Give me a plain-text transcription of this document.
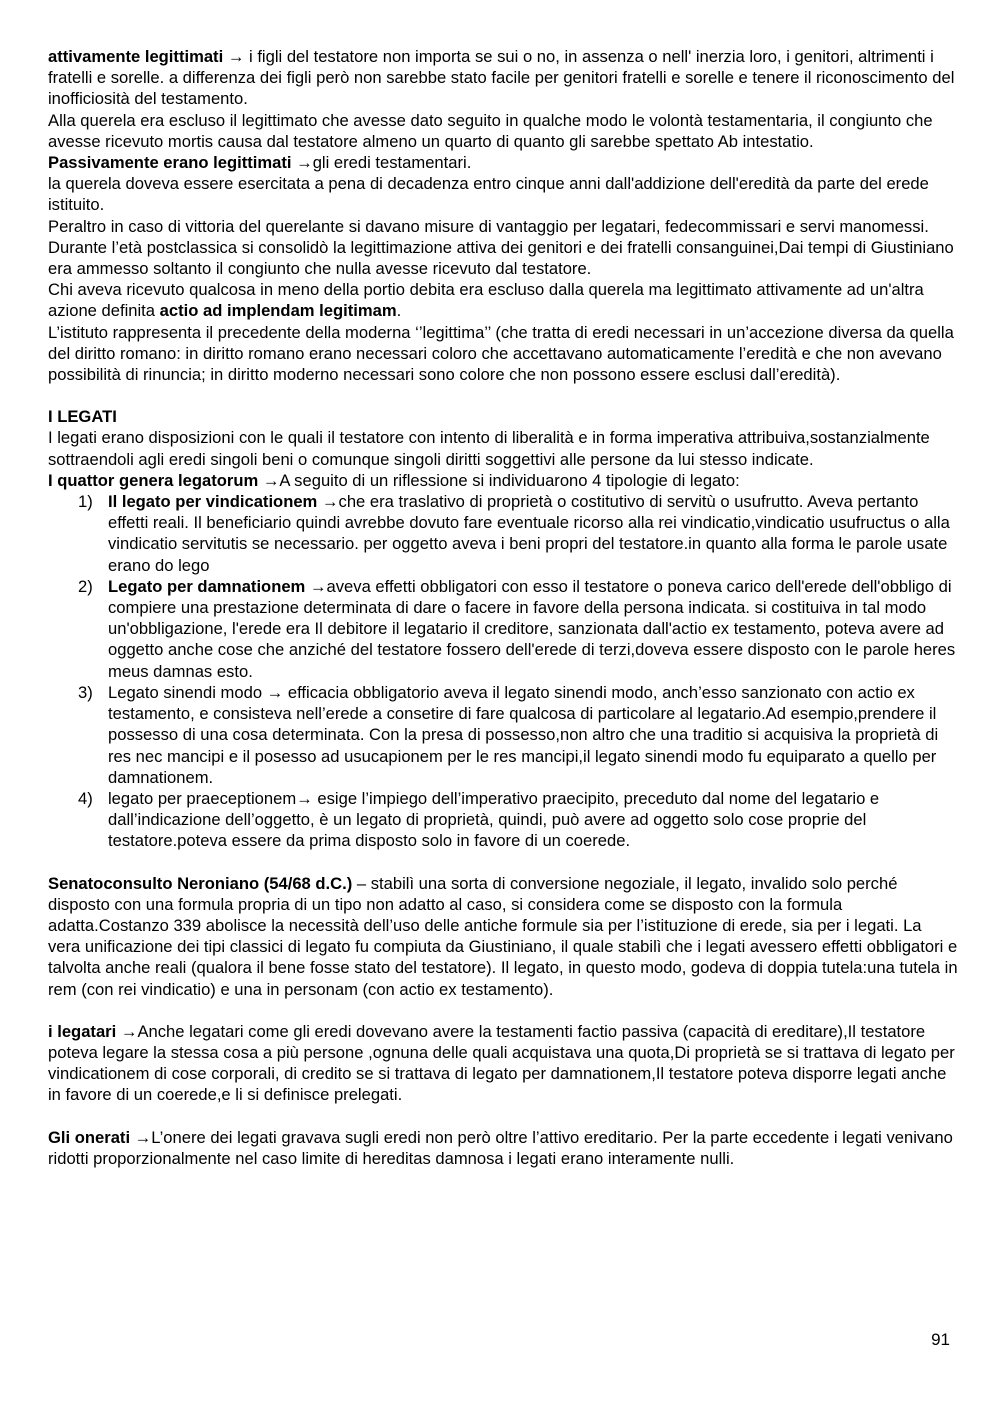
attivamente legittimati → i figli del testatore non importa se sui o no, in assenza o nell' inerzia loro, i genitori, altrimenti i fratelli e sorelle. a differenza dei figli però non sarebbe stato facile per genitori fratelli e sorelle e tenere il riconoscimento del inofficiosità del testamento.

Alla querela era escluso il legittimato che avesse dato seguito in qualche modo le volontà testamentaria, il congiunto che avesse ricevuto mortis causa dal testatore almeno un quarto di quanto gli sarebbe spettato Ab intestatio.

Passivamente erano legittimati →gli eredi testamentari.

la querela doveva essere esercitata a pena di decadenza entro cinque anni dall'addizione dell'eredità da parte del erede istituito.

Peraltro in caso di vittoria del querelante si davano misure di vantaggio per legatari, fedecommissari e servi manomessi. Durante l’età postclassica si consolidò la legittimazione attiva dei genitori e dei fratelli consanguinei,Dai tempi di Giustiniano era ammesso soltanto il congiunto che nulla avesse ricevuto dal testatore.

Chi aveva ricevuto qualcosa in meno della portio debita era escluso dalla querela ma legittimato attivamente ad un'altra azione definita actio ad implendam legitimam.

L’istituto rappresenta il precedente della moderna ‘’legittima’’ (che tratta di eredi necessari in un’accezione diversa da quella del diritto romano: in diritto romano erano necessari coloro che accettavano automaticamente l’eredità e che non avevano possibilità di rinuncia; in diritto moderno necessari sono colore che non possono essere esclusi dall’eredità).

I LEGATI

I legati erano disposizioni con le quali il testatore con intento di liberalità e in forma imperativa attribuiva,sostanzialmente sottraendoli agli eredi singoli beni o comunque singoli diritti soggettivi alle persone da lui stesso indicate.

I quattor genera legatorum →A seguito di un riflessione si individuarono 4 tipologie di legato:

1) Il legato per vindicationem →che era traslativo di proprietà o costitutivo di servitù o usufrutto. Aveva pertanto effetti reali. Il beneficiario quindi avrebbe dovuto fare eventuale ricorso alla rei vindicatio,vindicatio usufructus o alla vindicatio servitutis se necessario. per oggetto aveva i beni propri del testatore.in quanto alla forma le parole usate erano do lego
2) Legato per damnationem →aveva effetti obbligatori con esso il testatore o poneva carico dell'erede dell'obbligo di compiere una prestazione determinata di dare o facere in favore della persona indicata. si costituiva in tal modo un'obbligazione, l'erede era Il debitore il legatario il creditore, sanzionata dall'actio ex testamento, poteva avere ad oggetto anche cose che anziché del testatore fossero dell'erede di terzi,doveva essere disposto con le parole heres meus damnas esto.
3) Legato sinendi modo → efficacia obbligatorio aveva il legato sinendi modo, anch’esso sanzionato con actio ex testamento, e consisteva nell’erede a consetire di fare qualcosa di particolare al legatario.Ad esempio,prendere il possesso di una cosa determinata. Con la presa di possesso,non altro che una traditio si acquisiva la proprietà di res nec mancipi e il posesso ad usucapionem per le res mancipi,il legato sinendi modo fu equiparato a quello per damnationem.
4) legato per praeceptionem→ esige l’impiego dell’imperativo praecipito, preceduto dal nome del legatario e dall’indicazione dell’oggetto, è un legato di proprietà, quindi, può avere ad oggetto solo cose proprie del testatore.poteva essere da prima disposto solo in favore di un coerede.

Senatoconsulto Neroniano (54/68 d.C.) – stabilì una sorta di conversione negoziale, il legato, invalido solo perché disposto con una formula propria di un tipo non adatto al caso, si considera come se disposto con la formula adatta.Costanzo 339 abolisce la necessità dell’uso delle antiche formule sia per l’istituzione di erede, sia per i legati. La vera unificazione dei tipi classici di legato fu compiuta da Giustiniano, il quale stabilì che i legati avessero effetti obbligatori e talvolta anche reali (qualora il bene fosse stato del testatore). Il legato, in questo modo, godeva di doppia tutela:una tutela in rem (con rei vindicatio) e una in personam (con actio ex testamento).

i legatari →Anche legatari come gli eredi dovevano avere la testamenti factio passiva (capacità di ereditare),Il testatore poteva legare la stessa cosa a più persone ,ognuna delle quali acquistava una quota,Di proprietà se si trattava di legato per vindicationem di cose corporali, di credito se si trattava di legato per damnationem,Il testatore poteva disporre legati anche in favore di un coerede,e li si definisce prelegati.

Gli onerati →L’onere dei legati gravava sugli eredi non però oltre l’attivo ereditario. Per la parte eccedente i legati venivano ridotti proporzionalmente nel caso limite di hereditas damnosa i legati erano interamente nulli.

91
